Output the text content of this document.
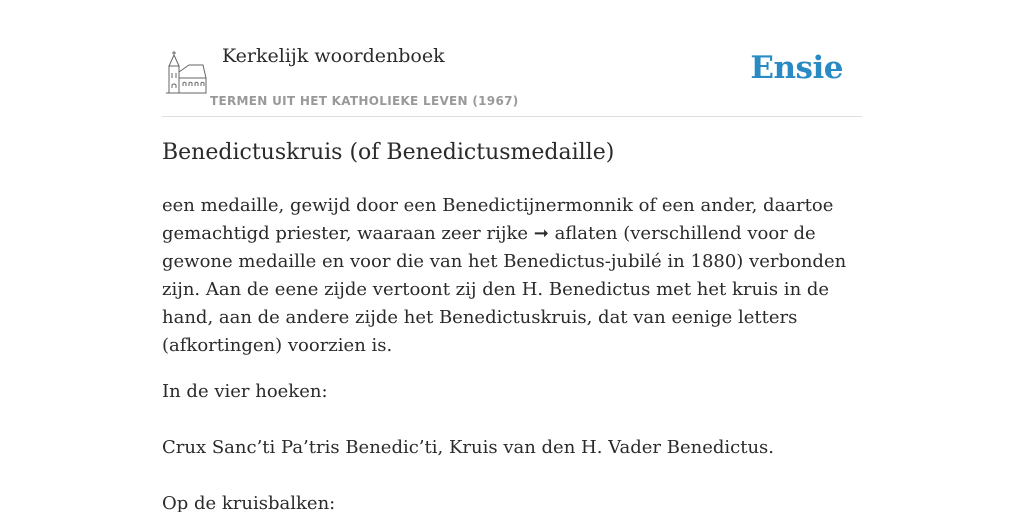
Kerkelijk woordenboek
TERMEN UIT HET KATHOLIEKE LEVEN (1967)
Ensie
Benedictuskruis (of Benedictusmedaille)

een medaille, gewijd door een Benedictijnermonnik of een ander, daartoe gemachtigd priester, waaraan zeer rijke ➞ aflaten (verschillend voor de gewone medaille en voor die van het Benedictus-jubilé in 1880) verbonden zijn. Aan de eene zijde vertoont zij den H. Benedictus met het kruis in de hand, aan de andere zijde het Benedictuskruis, dat van eenige letters (afkortingen) voorzien is.

In de vier hoeken:

Crux Sanc’ti Pa’tris Benedic’ti, Kruis van den H. Vader Benedictus.

Op de kruisbalken:
